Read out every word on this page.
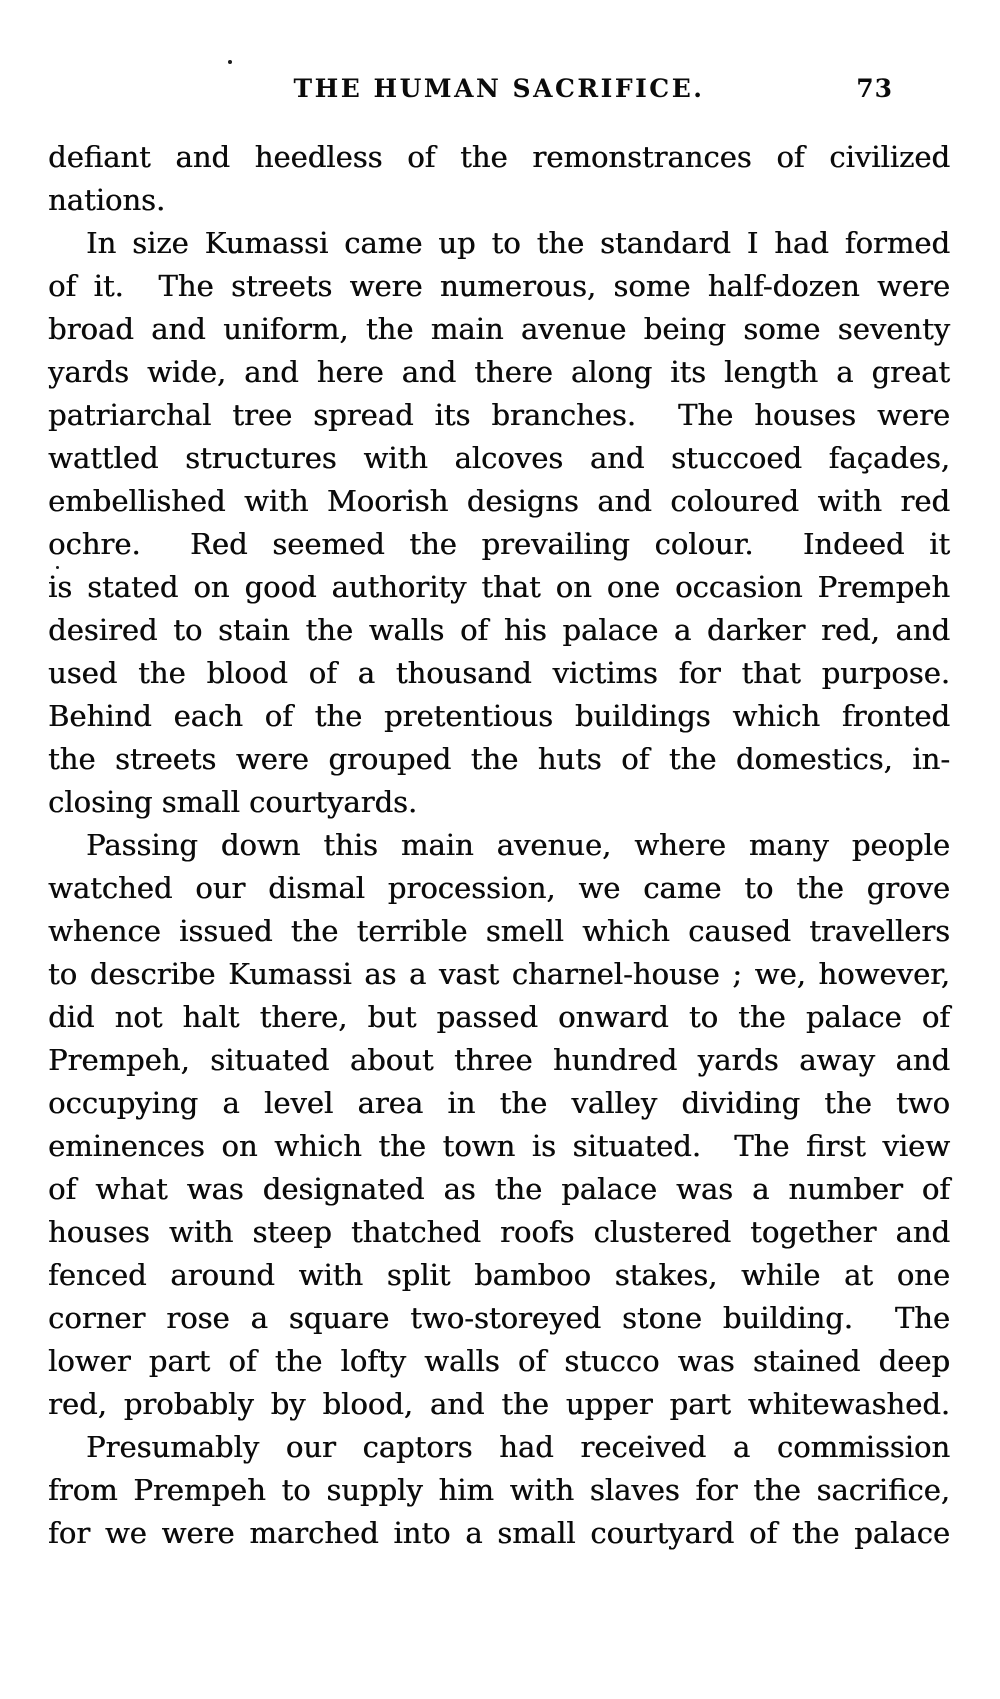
THE HUMAN SACRIFICE.	73
defiant and heedless of the remonstrances of civilized
nations.
In size Kumassi came up to the standard I had formed
of it.  The streets were numerous, some half-dozen were
broad and uniform, the main avenue being some seventy
yards wide, and here and there along its length a great
patriarchal tree spread its branches.  The houses were
wattled structures with alcoves and stuccoed façades,
embellished with Moorish designs and coloured with red
ochre.  Red seemed the prevailing colour.  Indeed it
is stated on good authority that on one occasion Prempeh
desired to stain the walls of his palace a darker red, and
used the blood of a thousand victims for that purpose.
Behind each of the pretentious buildings which fronted
the streets were grouped the huts of the domestics, in-
closing small courtyards.
Passing down this main avenue, where many people
watched our dismal procession, we came to the grove
whence issued the terrible smell which caused travellers
to describe Kumassi as a vast charnel-house ; we, however,
did not halt there, but passed onward to the palace of
Prempeh, situated about three hundred yards away and
occupying a level area in the valley dividing the two
eminences on which the town is situated.  The first view
of what was designated as the palace was a number of
houses with steep thatched roofs clustered together and
fenced around with split bamboo stakes, while at one
corner rose a square two-storeyed stone building.  The
lower part of the lofty walls of stucco was stained deep
red, probably by blood, and the upper part whitewashed.
Presumably our captors had received a commission
from Prempeh to supply him with slaves for the sacrifice,
for we were marched into a small courtyard of the palace
